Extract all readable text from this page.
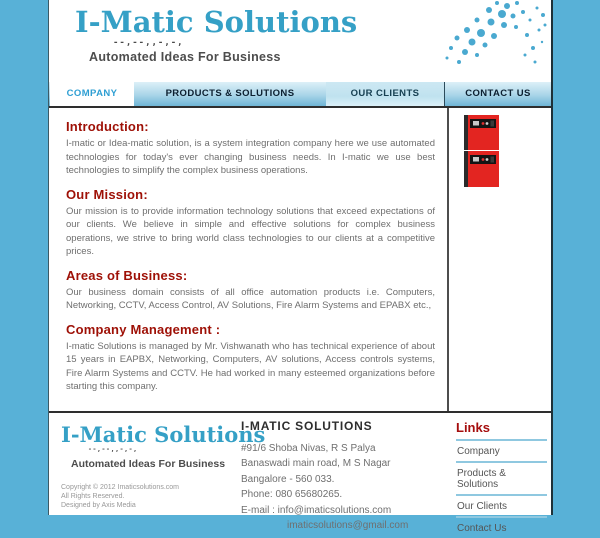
I-Matic Solutions
--,--,,-,-,
Automated Ideas For Business
COMPANY	PRODUCTS & SOLUTIONS	OUR CLIENTS	CONTACT US
Introduction:

I-matic or Idea-matic solution, is a system integration company here we use automated technologies for today's ever changing business needs. In I-matic we use best technologies to simplify the complex business operations.

Our Mission:

Our mission is to provide information technology solutions that exceed expectations of our clients. We believe in simple and effective solutions for complex business operations, we strive to bring world class technologies to our clients at a competitive prices.

Areas of Business:

Our business domain consists of all office automation products i.e. Computers, Networking, CCTV, Access Control, AV Solutions, Fire Alarm Systems and EPABX etc.,

Company Management :

I-matic Solutions is managed by Mr. Vishwanath who has technical experience of about 15 years in EAPBX, Networking, Computers, AV solutions, Access controls systems, Fire Alarm Systems and CCTV. He had worked in many esteemed organizations before starting this company.

I-Matic Solutions
--,--,,-,-,
Automated Ideas For Business
Copyright © 2012 Imaticsolutions.com
All Rights Reserved.
Designed by Axis Media
I-MATIC SOLUTIONS
#91/6 Shoba Nivas, R S Palya
Banaswadi main road, M S Nagar
Bangalore - 560 033.
Phone: 080 65680265.
E-mail : info@imaticsolutions.com
imaticsolutions@gmail.com
Links
Company
Products & Solutions
Our Clients
Contact Us
